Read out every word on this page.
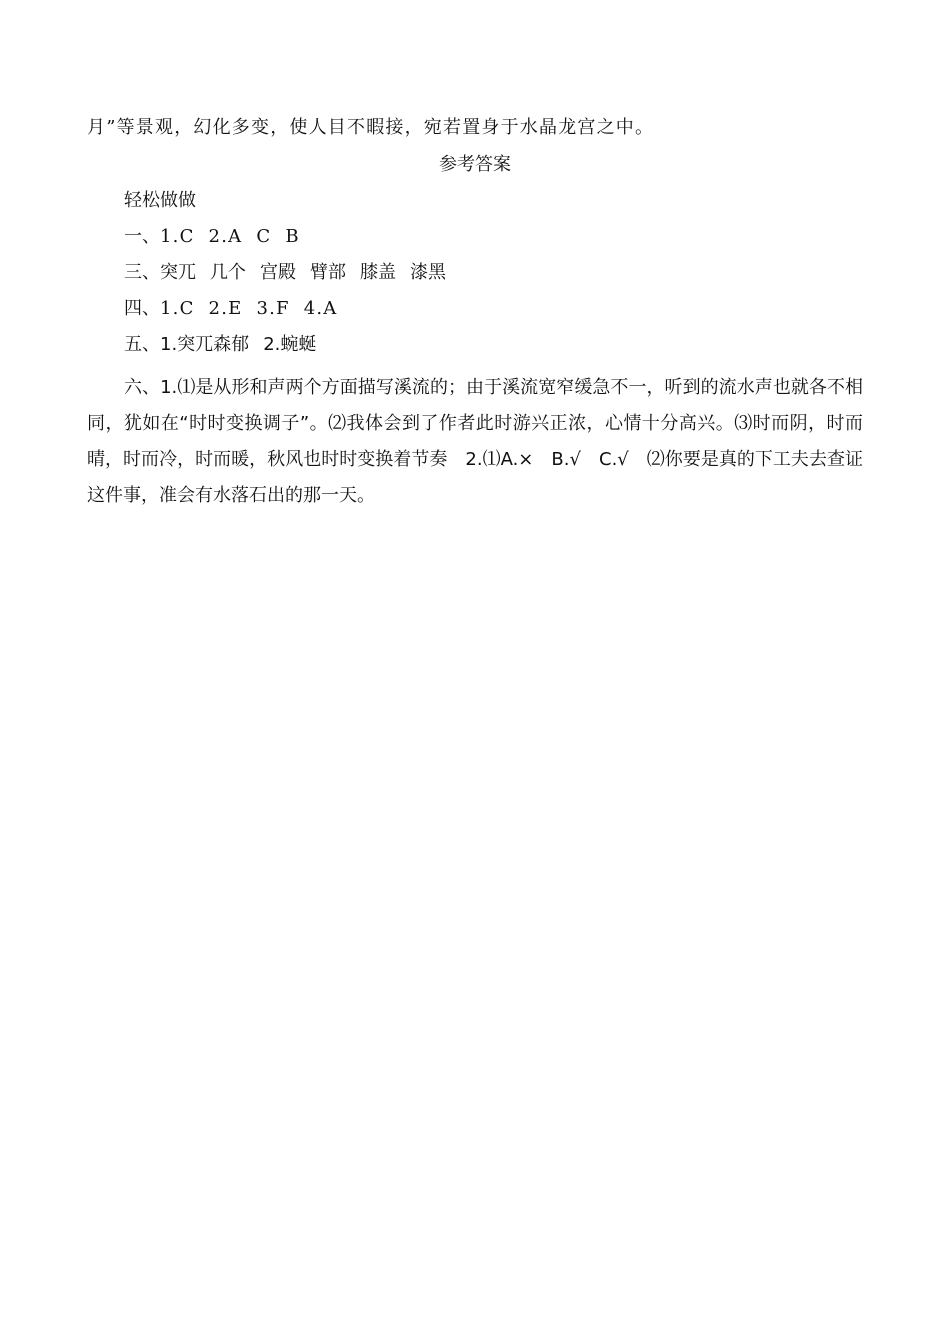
月”等景观，幻化多变，使人目不暇接，宛若置身于水晶龙宫之中。
参考答案
轻松做做
一、1.C 2.A C B
三、突兀 几个 宫殿 臂部 膝盖 漆黑
四、1.C 2.E 3.F 4.A
五、1.突兀森郁 2.蜿蜒
六、1.⑴是从形和声两个方面描写溪流的；由于溪流宽窄缓急不一，听到的流水声也就各不相同，犹如在“时时变换调子”。⑵我体会到了作者此时游兴正浓，心情十分高兴。⑶时而阴，时而晴，时而冷，时而暖，秋风也时时变换着节奏　2.⑴A.×　B.√　C.√　⑵你要是真的下工夫去查证这件事，准会有水落石出的那一天。
